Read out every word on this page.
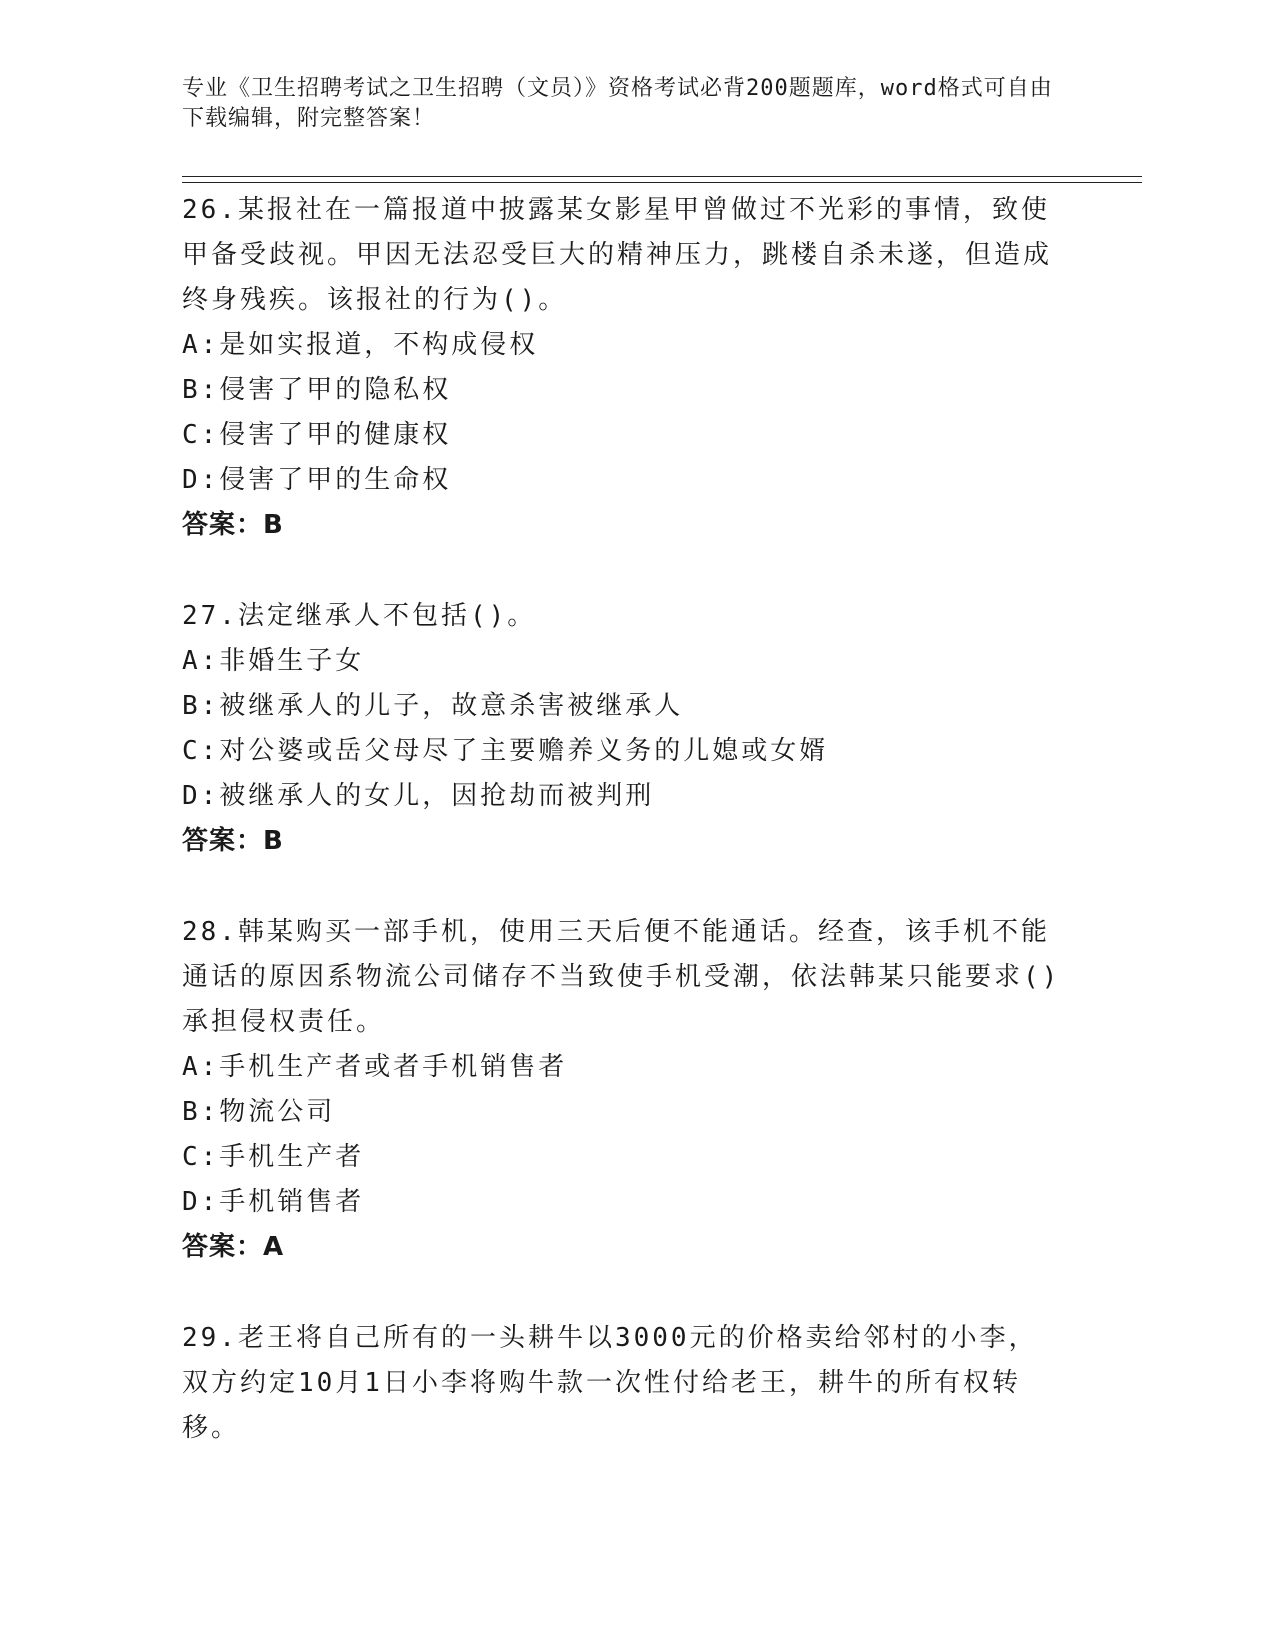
专业《卫生招聘考试之卫生招聘（文员）》资格考试必背200题题库，word格式可自由下载编辑，附完整答案！

26.某报社在一篇报道中披露某女影星甲曾做过不光彩的事情，致使甲备受歧视。甲因无法忍受巨大的精神压力，跳楼自杀未遂，但造成终身残疾。该报社的行为()。

A:是如实报道，不构成侵权

B:侵害了甲的隐私权

C:侵害了甲的健康权

D:侵害了甲的生命权

答案：B

27.法定继承人不包括()。

A:非婚生子女

B:被继承人的儿子，故意杀害被继承人

C:对公婆或岳父母尽了主要赡养义务的儿媳或女婿

D:被继承人的女儿，因抢劫而被判刑

答案：B

28.韩某购买一部手机，使用三天后便不能通话。经查，该手机不能通话的原因系物流公司储存不当致使手机受潮，依法韩某只能要求()承担侵权责任。

A:手机生产者或者手机销售者

B:物流公司

C:手机生产者

D:手机销售者

答案：A

29.老王将自己所有的一头耕牛以3000元的价格卖给邻村的小李，双方约定10月1日小李将购牛款一次性付给老王，耕牛的所有权转移。
